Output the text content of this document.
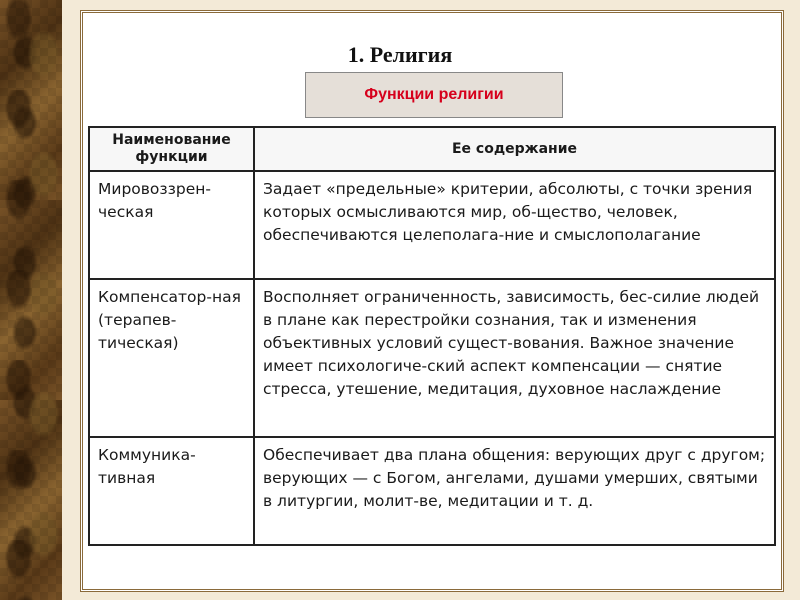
1. Религия
Функции религии
Наименование функции	Ее содержание
Мировоззрен-ческая	Задает «предельные» критерии, абсолюты, с точки зрения которых осмысливаются мир, об-щество, человек, обеспечиваются целеполага-ние и смыслополагание
Компенсатор-ная (терапев-тическая)	Восполняет ограниченность, зависимость, бес-силие людей в плане как перестройки сознания, так и изменения объективных условий сущест-вования. Важное значение имеет психологиче-ский аспект компенсации — снятие стресса, утешение, медитация, духовное наслаждение
Коммуника-тивная	Обеспечивает два плана общения: верующих друг с другом; верующих — с Богом, ангелами, душами умерших, святыми в литургии, молит-ве, медитации и т. д.
